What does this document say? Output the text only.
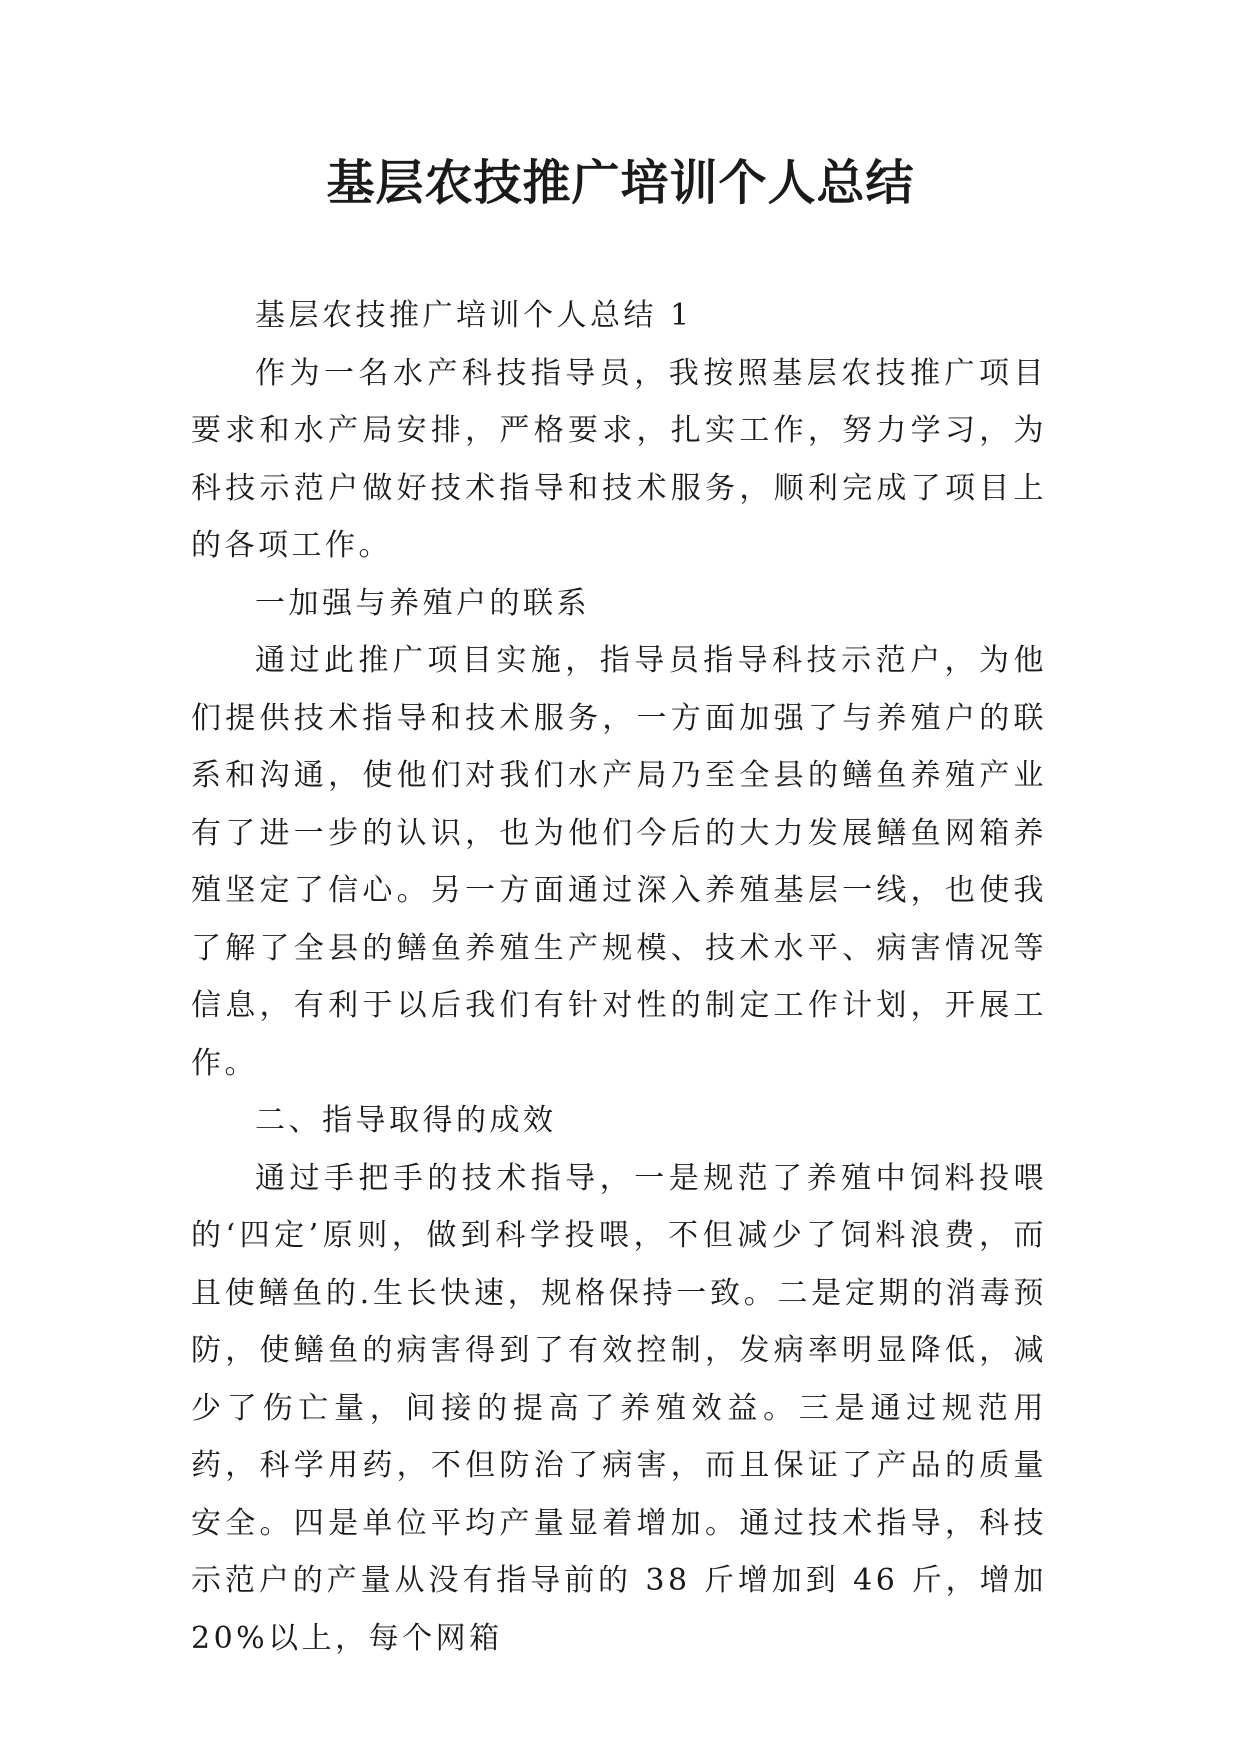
基层农技推广培训个人总结

基层农技推广培训个人总结 1

作为一名水产科技指导员，我按照基层农技推广项目要求和水产局安排，严格要求，扎实工作，努力学习，为科技示范户做好技术指导和技术服务，顺利完成了项目上的各项工作。

一加强与养殖户的联系

通过此推广项目实施，指导员指导科技示范户，为他们提供技术指导和技术服务，一方面加强了与养殖户的联系和沟通，使他们对我们水产局乃至全县的鳝鱼养殖产业有了进一步的认识，也为他们今后的大力发展鳝鱼网箱养殖坚定了信心。另一方面通过深入养殖基层一线，也使我了解了全县的鳝鱼养殖生产规模、技术水平、病害情况等信息，有利于以后我们有针对性的制定工作计划，开展工作。

二、指导取得的成效

通过手把手的技术指导，一是规范了养殖中饲料投喂的‘四定’原则，做到科学投喂，不但减少了饲料浪费，而且使鳝鱼的.生长快速，规格保持一致。二是定期的消毒预防，使鳝鱼的病害得到了有效控制，发病率明显降低，减少了伤亡量，间接的提高了养殖效益。三是通过规范用药，科学用药，不但防治了病害，而且保证了产品的质量安全。四是单位平均产量显着增加。通过技术指导，科技示范户的产量从没有指导前的 38 斤增加到 46 斤，增加 20%以上，每个网箱
